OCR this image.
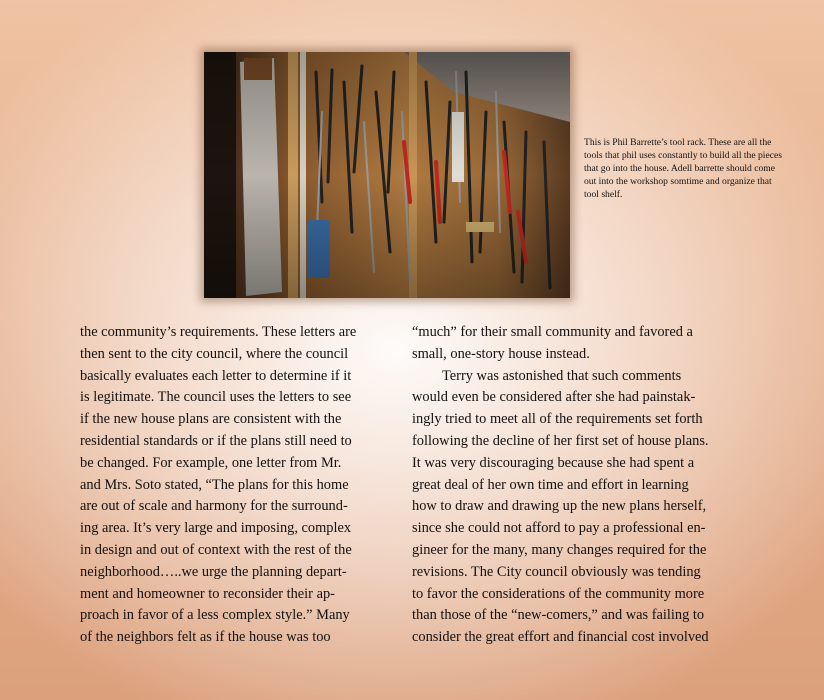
This is Phil Barrette’s tool rack. These are all the tools that phil uses constantly to build all the pieces that go into the house. Adell barrette should come out into the workshop somtime and organize that tool shelf.

the community’s requirements. These letters are
then sent to the city council, where the council
basically evaluates each letter to determine if it
is legitimate. The council uses the letters to see
if the new house plans are consistent with the
residential standards or if the plans still need to
be changed. For example, one letter from Mr.
and Mrs. Soto stated, “The plans for this home
are out of scale and harmony for the surround-
ing area. It’s very large and imposing, complex
in design and out of context with the rest of the
neighborhood…..we urge the planning depart-
ment and homeowner to reconsider their ap-
proach in favor of a less complex style.” Many
of the neighbors felt as if the house was too
“much” for their small community and favored a
small, one-story house instead.
Terry was astonished that such comments
would even be considered after she had painstak-
ingly tried to meet all of the requirements set forth
following the decline of her first set of house plans.
It was very discouraging because she had spent a
great deal of her own time and effort in learning
how to draw and drawing up the new plans herself,
since she could not afford to pay a professional en-
gineer for the many, many changes required for the
revisions. The City council obviously was tending
to favor the considerations of the community more
than those of the “new-comers,” and was failing to
consider the great effort and financial cost involved
